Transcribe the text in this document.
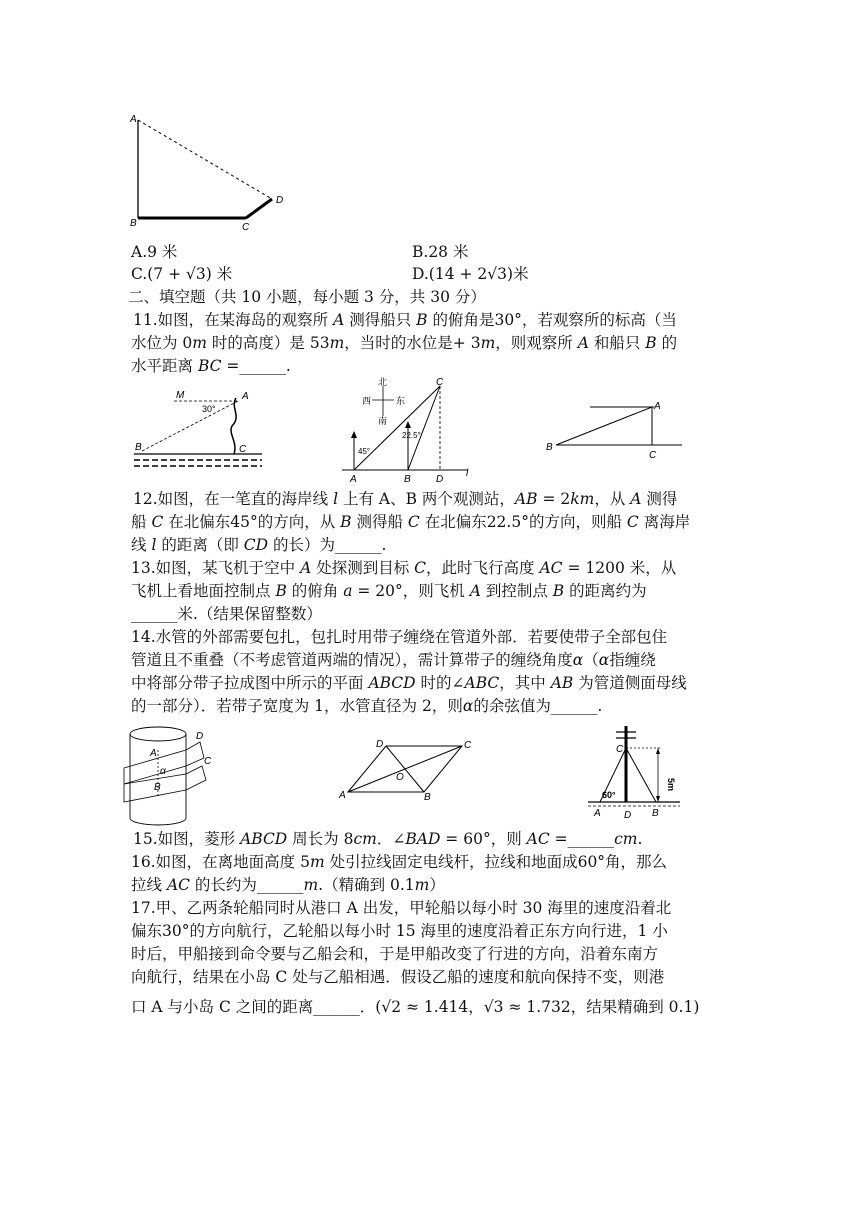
A
B	C
D
A.9 米	B.28 米
C.(7 + √3) 米	D.(14 + 2√3)米
二、填空题（共 10 小题，每小题 3 分，共 30 分）
11.如图，在某海岛的观察所 A 测得船只 B 的俯角是30°，若观察所的标高（当
水位为 0m 时的高度）是 53m，当时的水位是+ 3m，则观察所 A 和船只 B 的
水平距离 BC =______.
M
30°
A
B	C
北
西	东
南
C
45°
22.5°
A	B	D
l
A
B
C
12.如图，在一笔直的海岸线 l 上有 A、B 两个观测站，AB = 2km，从 A 测得
船 C 在北偏东45°的方向，从 B 测得船 C 在北偏东22.5°的方向，则船 C 离海岸
线 l 的距离（即 CD 的长）为______.
13.如图，某飞机于空中 A 处探测到目标 C，此时飞行高度 AC = 1200 米，从
飞机上看地面控制点 B 的俯角 a = 20°，则飞机 A 到控制点 B 的距离约为
______米.（结果保留整数）
14.水管的外部需要包扎，包扎时用带子缠绕在管道外部．若要使带子全部包住
管道且不重叠（不考虑管道两端的情况），需计算带子的缠绕角度α（α指缠绕
中将部分带子拉成图中所示的平面 ABCD 时的∠ABC，其中 AB 为管道侧面母线
的一部分）．若带子宽度为 1，水管直径为 2，则α的余弦值为______.
D
A
α
C
B
D	C
O
A	B
C
5m
60°
A D B
15.如图，菱形 ABCD 周长为 8cm．∠BAD = 60°，则 AC =______cm.
16.如图，在离地面高度 5m 处引拉线固定电线杆，拉线和地面成60°角，那么
拉线 AC 的长约为______m.（精确到 0.1m）
17.甲、乙两条轮船同时从港口 A 出发，甲轮船以每小时 30 海里的速度沿着北
偏东30°的方向航行，乙轮船以每小时 15 海里的速度沿着正东方向行进，1 小
时后，甲船接到命令要与乙船会和，于是甲船改变了行进的方向，沿着东南方
向航行，结果在小岛 C 处与乙船相遇．假设乙船的速度和航向保持不变，则港
口 A 与小岛 C 之间的距离______．(√2 ≈ 1.414，√3 ≈ 1.732，结果精确到 0.1)
